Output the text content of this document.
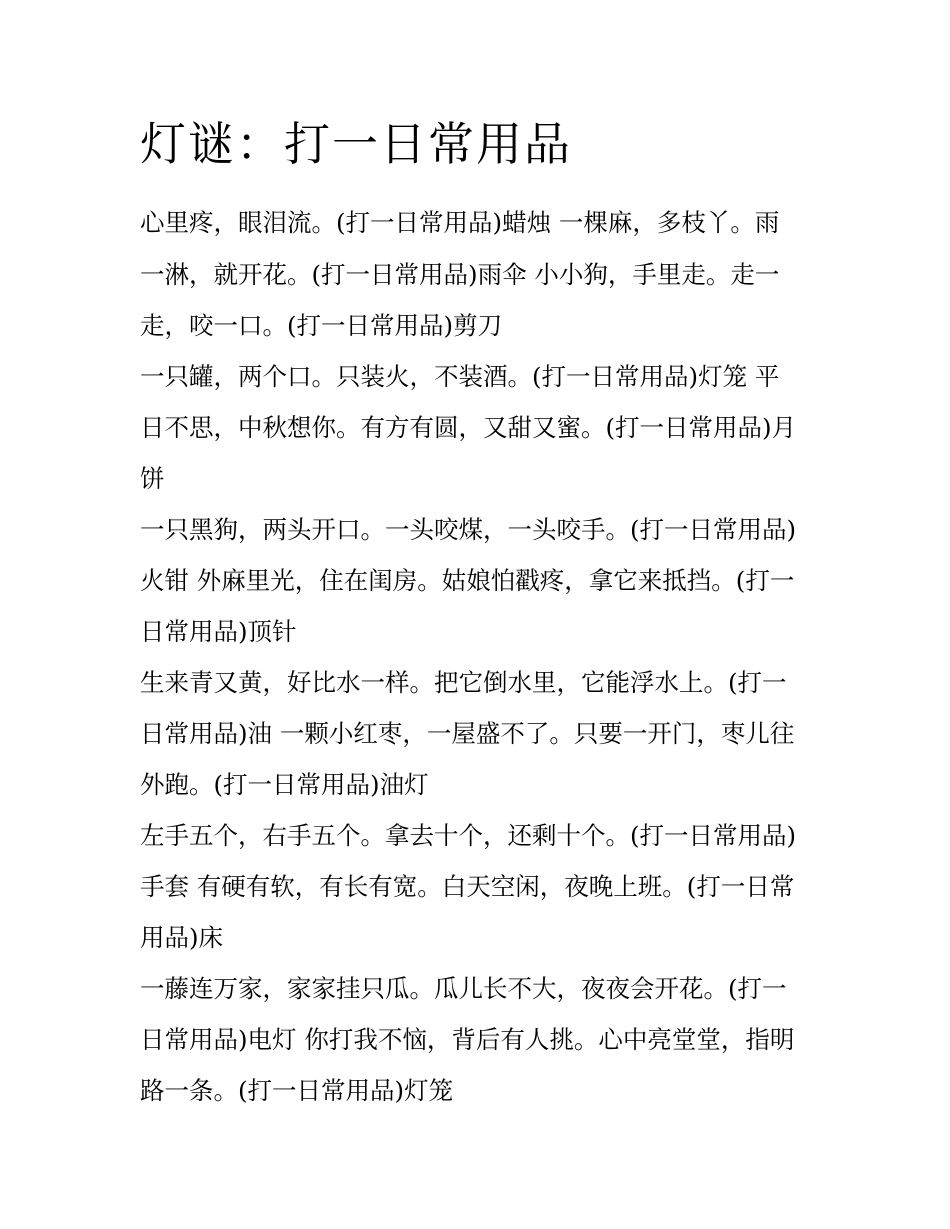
灯谜：打一日常用品

心里疼，眼泪流。(打一日常用品)蜡烛 一棵麻，多枝丫。雨

一淋，就开花。(打一日常用品)雨伞 小小狗，手里走。走一

走，咬一口。(打一日常用品)剪刀

一只罐，两个口。只装火，不装酒。(打一日常用品)灯笼 平

日不思，中秋想你。有方有圆，又甜又蜜。(打一日常用品)月

饼

一只黑狗，两头开口。一头咬煤，一头咬手。(打一日常用品)

火钳 外麻里光，住在闺房。姑娘怕戳疼，拿它来抵挡。(打一

日常用品)顶针

生来青又黄，好比水一样。把它倒水里，它能浮水上。(打一

日常用品)油 一颗小红枣，一屋盛不了。只要一开门，枣儿往

外跑。(打一日常用品)油灯

左手五个，右手五个。拿去十个，还剩十个。(打一日常用品)

手套 有硬有软，有长有宽。白天空闲，夜晚上班。(打一日常

用品)床

一藤连万家，家家挂只瓜。瓜儿长不大，夜夜会开花。(打一

日常用品)电灯 你打我不恼，背后有人挑。心中亮堂堂，指明

路一条。(打一日常用品)灯笼
